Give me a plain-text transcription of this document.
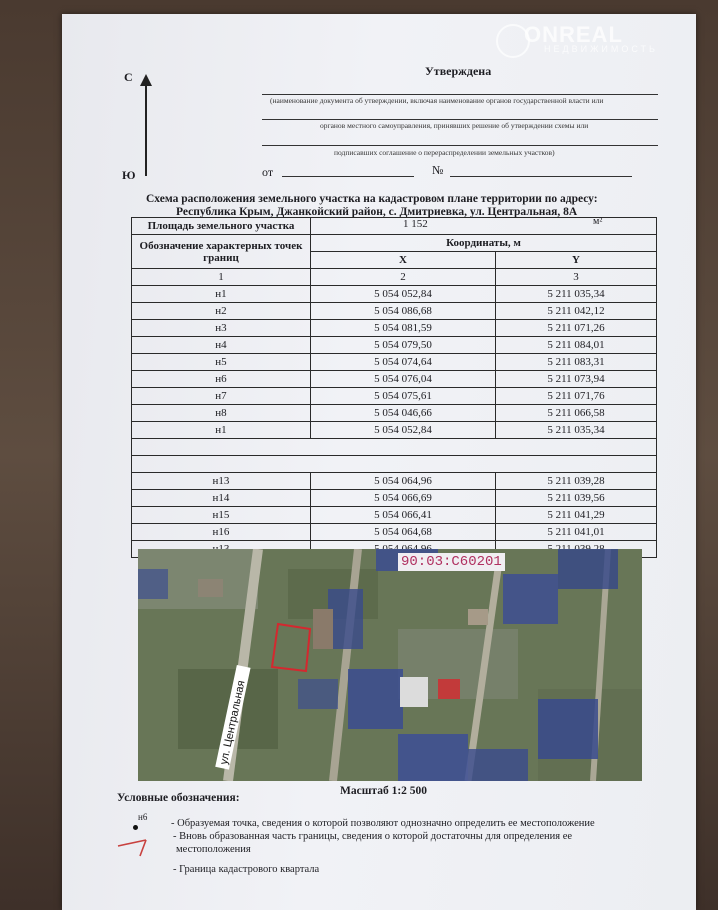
ONREAL
НЕДВИЖИМОСТЬ
С
Ю
Утверждена
(наименование документа об утверждении, включая наименование органов государственной власти или
органов местного самоуправления, принявших решение об утверждении схемы или
подписавших соглашение о перераспределении земельных участков)
от	№
Схема расположения земельного участка на кадастровом плане территории по адресу:
Республика Крым, Джанкойский район, с. Дмитриевка, ул. Центральная, 8А
Площадь земельного участка	1 152 м²	

Обозначение характерных точек границ	Координаты, м	
	X	Y
1	2	3
н1	5 054 052,84	5 211 035,34
н2	5 054 086,68	5 211 042,12
н3	5 054 081,59	5 211 071,26
н4	5 054 079,50	5 211 084,01
н5	5 054 074,64	5 211 083,31
н6	5 054 076,04	5 211 073,94
н7	5 054 075,61	5 211 071,76
н8	5 054 046,66	5 211 066,58
н1	5 054 052,84	5 211 035,34

н13	5 054 064,96	5 211 039,28
н14	5 054 066,69	5 211 039,56
н15	5 054 066,41	5 211 041,29
н16	5 054 064,68	5 211 041,01

ул. Центральная
90:03:С60201
Масштаб 1:2 500
Условные обозначения:
н6
- Образуемая точка, сведения о которой позволяют однозначно определить ее местоположение
- Вновь образованная часть границы, сведения о которой достаточны для определения ее
местоположения
- Граница кадастрового квартала
